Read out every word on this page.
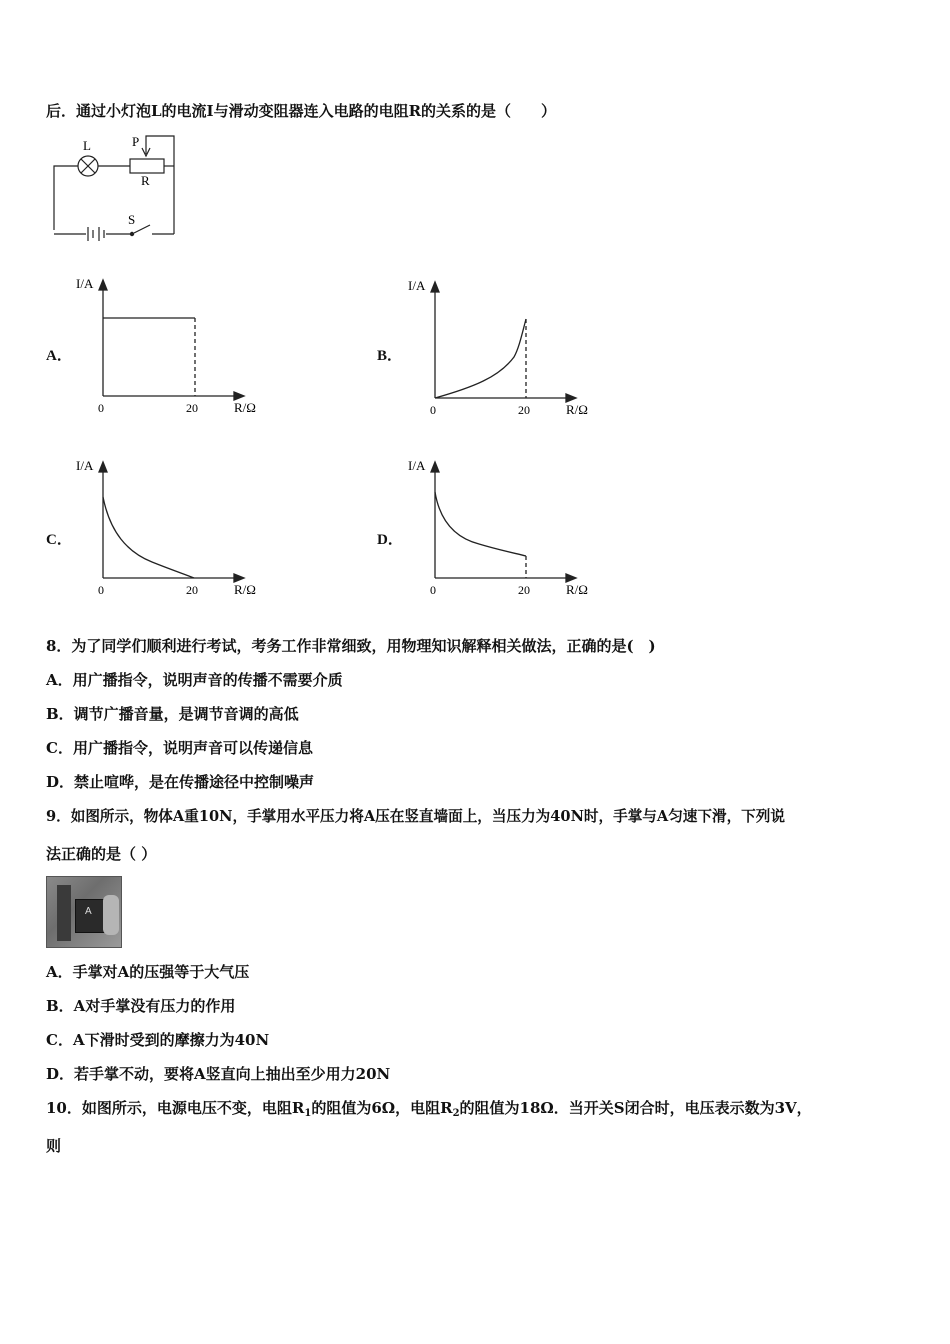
后．通过小灯泡L的电流I与滑动变阻器连入电路的电阻R的关系的是（　　）
L	P
R
S
A．
I/A
0	20	R/Ω
B．
I/A
0	20	R/Ω
C．
I/A
0	20	R/Ω
D．
I/A
0	20	R/Ω
8．为了同学们顺利进行考试，考务工作非常细致，用物理知识解释相关做法，正确的是(　)
A．用广播指令，说明声音的传播不需要介质
B．调节广播音量，是调节音调的高低
C．用广播指令，说明声音可以传递信息
D．禁止喧哗，是在传播途径中控制噪声
9．如图所示，物体A重10N，手掌用水平压力将A压在竖直墙面上，当压力为40N时，手掌与A匀速下滑，下列说
法正确的是（ ）
A
A．手掌对A的压强等于大气压
B．A对手掌没有压力的作用
C．A下滑时受到的摩擦力为40N
D．若手掌不动，要将A竖直向上抽出至少用力20N
10．如图所示，电源电压不变，电阻$R_1$的阻值为6Ω，电阻$R_2$的阻值为18Ω．当开关S闭合时，电压表示数为3V，
则
